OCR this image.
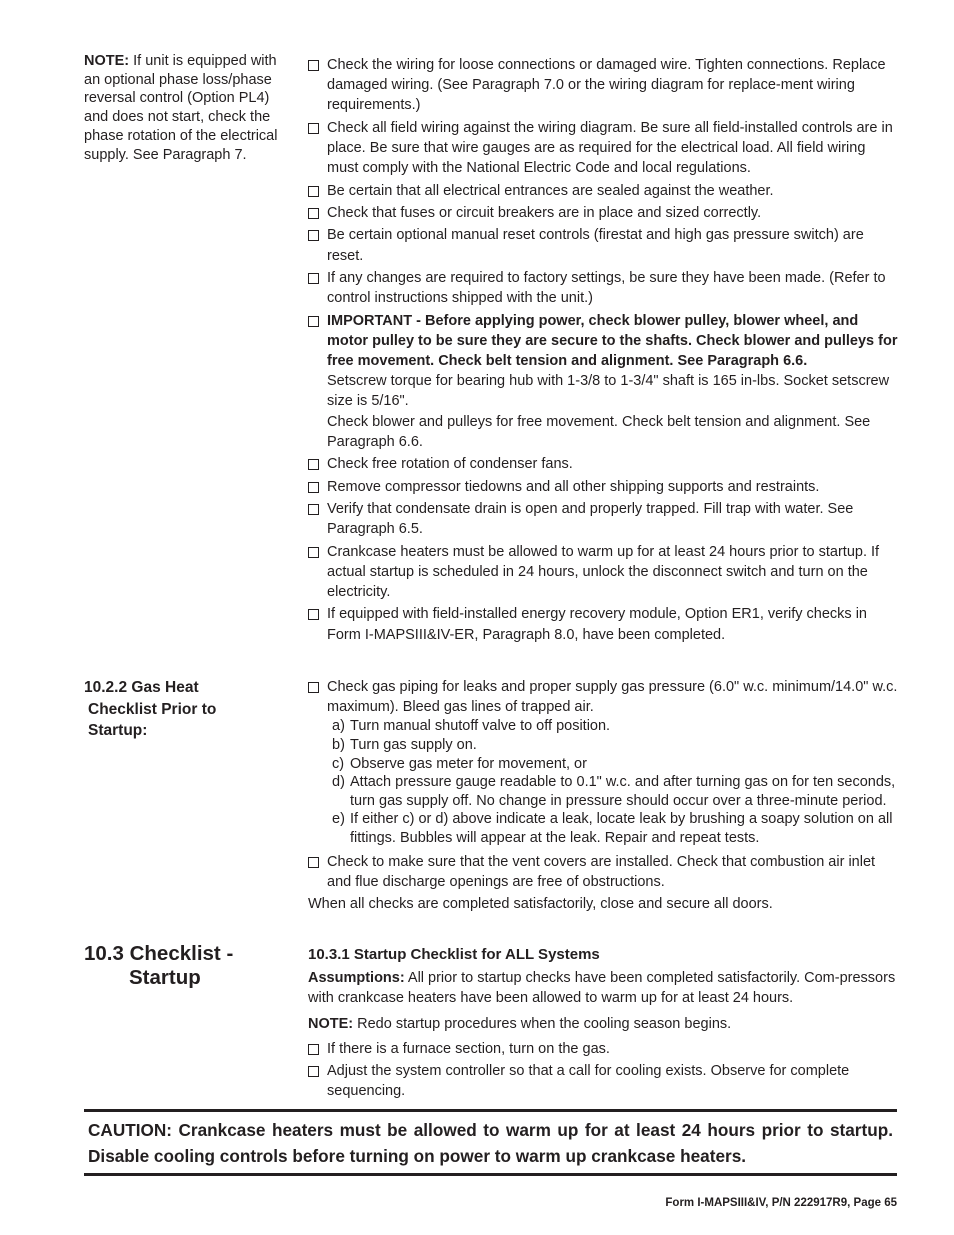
NOTE: If unit is equipped with an optional phase loss/phase reversal control (Option PL4) and does not start, check the phase rotation of the electrical supply. See Paragraph 7.
Check the wiring for loose connections or damaged wire. Tighten connections. Replace damaged wiring. (See Paragraph 7.0 or the wiring diagram for replace-ment wiring requirements.)
Check all field wiring against the wiring diagram. Be sure all field-installed controls are in place. Be sure that wire gauges are as required for the electrical load. All field wiring must comply with the National Electric Code and local regulations.
Be certain that all electrical entrances are sealed against the weather.
Check that fuses or circuit breakers are in place and sized correctly.
Be certain optional manual reset controls (firestat and high gas pressure switch) are reset.
If any changes are required to factory settings, be sure they have been made. (Refer to control instructions shipped with the unit.)
IMPORTANT - Before applying power, check blower pulley, blower wheel, and motor pulley to be sure they are secure to the shafts. Check blower and pulleys for free movement. Check belt tension and alignment. See Paragraph 6.6.
Setscrew torque for bearing hub with 1-3/8 to 1-3/4" shaft is 165 in-lbs. Socket setscrew size is 5/16".
Check blower and pulleys for free movement. Check belt tension and alignment. See Paragraph 6.6.
Check free rotation of condenser fans.
Remove compressor tiedowns and all other shipping supports and restraints.
Verify that condensate drain is open and properly trapped. Fill trap with water. See Paragraph 6.5.
Crankcase heaters must be allowed to warm up for at least 24 hours prior to startup. If actual startup is scheduled in 24 hours, unlock the disconnect switch and turn on the electricity.
If equipped with field-installed energy recovery module, Option ER1, verify checks in Form I-MAPSIII&IV-ER, Paragraph 8.0, have been completed.
10.2.2 Gas Heat
Checklist Prior to
Startup:
Check gas piping for leaks and proper supply gas pressure (6.0" w.c. minimum/14.0" w.c. maximum). Bleed gas lines of trapped air.
a) Turn manual shutoff valve to off position.
b) Turn gas supply on.
c) Observe gas meter for movement, or
d) Attach pressure gauge readable to 0.1" w.c. and after turning gas on for ten seconds, turn gas supply off. No change in pressure should occur over a three-minute period.
e) If either c) or d) above indicate a leak, locate leak by brushing a soapy solution on all fittings. Bubbles will appear at the leak. Repair and repeat tests.
Check to make sure that the vent covers are installed. Check that combustion air inlet and flue discharge openings are free of obstructions.
When all checks are completed satisfactorily, close and secure all doors.
10.3 Checklist -
Startup
10.3.1 Startup Checklist for ALL Systems
Assumptions: All prior to startup checks have been completed satisfactorily. Com-pressors with crankcase heaters have been allowed to warm up for at least 24 hours.
NOTE: Redo startup procedures when the cooling season begins.
If there is a furnace section, turn on the gas.
Adjust the system controller so that a call for cooling exists. Observe for complete sequencing.
CAUTION: Crankcase heaters must be allowed to warm up for at least 24 hours prior to startup. Disable cooling controls before turning on power to warm up crankcase heaters.
Form I-MAPSIII&IV, P/N 222917R9, Page 65
